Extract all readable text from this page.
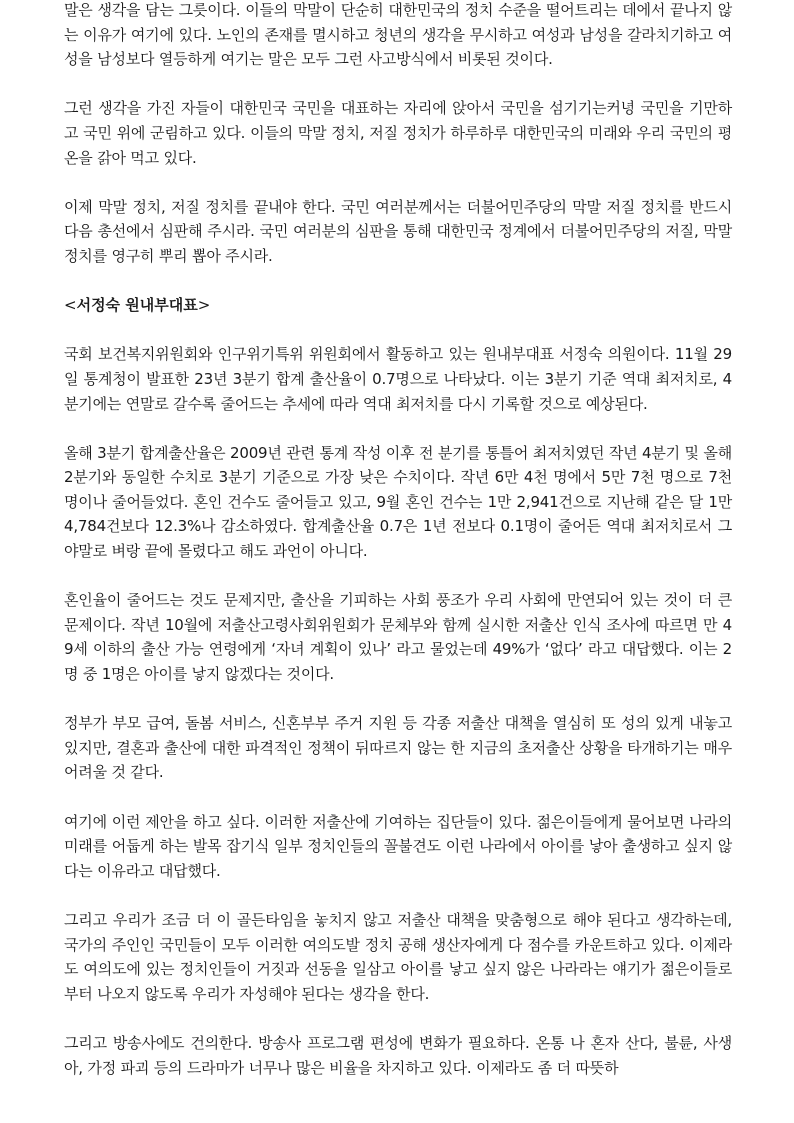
말은 생각을 담는 그릇이다. 이들의 막말이 단순히 대한민국의 정치 수준을 떨어트리는 데에서 끝나지 않는 이유가 여기에 있다. 노인의 존재를 멸시하고 청년의 생각을 무시하고 여성과 남성을 갈라치기하고 여성을 남성보다 열등하게 여기는 말은 모두 그런 사고방식에서 비롯된 것이다.

그런 생각을 가진 자들이 대한민국 국민을 대표하는 자리에 앉아서 국민을 섬기기는커녕 국민을 기만하고 국민 위에 군림하고 있다. 이들의 막말 정치, 저질 정치가 하루하루 대한민국의 미래와 우리 국민의 평온을 갉아 먹고 있다.

이제 막말 정치, 저질 정치를 끝내야 한다. 국민 여러분께서는 더불어민주당의 막말 저질 정치를 반드시 다음 총선에서 심판해 주시라. 국민 여러분의 심판을 통해 대한민국 정계에서 더불어민주당의 저질, 막말 정치를 영구히 뿌리 뽑아 주시라.

<서정숙 원내부대표>

국회 보건복지위원회와 인구위기특위 위원회에서 활동하고 있는 원내부대표 서정숙 의원이다. 11월 29일 통계청이 발표한 23년 3분기 합계 출산율이 0.7명으로 나타났다. 이는 3분기 기준 역대 최저치로, 4분기에는 연말로 갈수록 줄어드는 추세에 따라 역대 최저치를 다시 기록할 것으로 예상된다.

올해 3분기 합계출산율은 2009년 관련 통계 작성 이후 전 분기를 통틀어 최저치였던 작년 4분기 및 올해 2분기와 동일한 수치로 3분기 기준으로 가장 낮은 수치이다. 작년 6만 4천 명에서 5만 7천 명으로 7천 명이나 줄어들었다. 혼인 건수도 줄어들고 있고, 9월 혼인 건수는 1만 2,941건으로 지난해 같은 달 1만 4,784건보다 12.3%나 감소하였다. 합계출산율 0.7은 1년 전보다 0.1명이 줄어든 역대 최저치로서 그야말로 벼랑 끝에 몰렸다고 해도 과언이 아니다.

혼인율이 줄어드는 것도 문제지만, 출산을 기피하는 사회 풍조가 우리 사회에 만연되어 있는 것이 더 큰 문제이다. 작년 10월에 저출산고령사회위원회가 문체부와 함께 실시한 저출산 인식 조사에 따르면 만 49세 이하의 출산 가능 연령에게 ‘자녀 계획이 있나’ 라고 물었는데 49%가 ‘없다’ 라고 대답했다. 이는 2명 중 1명은 아이를 낳지 않겠다는 것이다.

정부가 부모 급여, 돌봄 서비스, 신혼부부 주거 지원 등 각종 저출산 대책을 열심히 또 성의 있게 내놓고 있지만, 결혼과 출산에 대한 파격적인 정책이 뒤따르지 않는 한 지금의 초저출산 상황을 타개하기는 매우 어려울 것 같다.

여기에 이런 제안을 하고 싶다. 이러한 저출산에 기여하는 집단들이 있다. 젊은이들에게 물어보면 나라의 미래를 어둡게 하는 발목 잡기식 일부 정치인들의 꼴불견도 이런 나라에서 아이를 낳아 출생하고 싶지 않다는 이유라고 대답했다.

그리고 우리가 조금 더 이 골든타임을 놓치지 않고 저출산 대책을 맞춤형으로 해야 된다고 생각하는데, 국가의 주인인 국민들이 모두 이러한 여의도발 정치 공해 생산자에게 다 점수를 카운트하고 있다. 이제라도 여의도에 있는 정치인들이 거짓과 선동을 일삼고 아이를 낳고 싶지 않은 나라라는 얘기가 젊은이들로부터 나오지 않도록 우리가 자성해야 된다는 생각을 한다.

그리고 방송사에도 건의한다. 방송사 프로그램 편성에 변화가 필요하다. 온통 나 혼자 산다, 불륜, 사생아, 가정 파괴 등의 드라마가 너무나 많은 비율을 차지하고 있다. 이제라도 좀 더 따뜻하
